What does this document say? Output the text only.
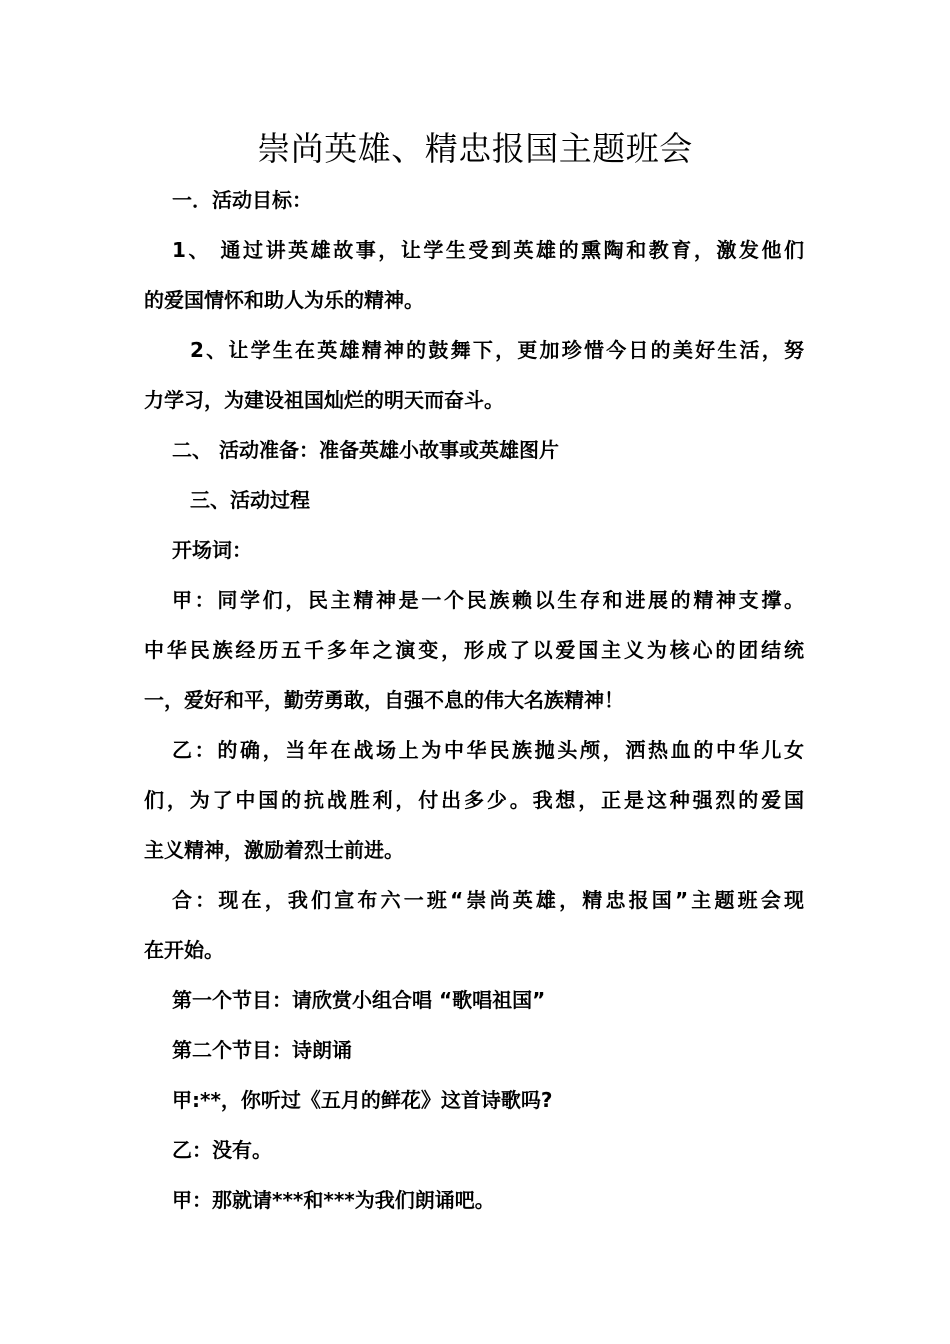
崇尚英雄、精忠报国主题班会
一．活动目标：
1、 通过讲英雄故事，让学生受到英雄的熏陶和教育，激发他们
的爱国情怀和助人为乐的精神。
2、让学生在英雄精神的鼓舞下，更加珍惜今日的美好生活，努
力学习，为建设祖国灿烂的明天而奋斗。
二、 活动准备：准备英雄小故事或英雄图片
三、活动过程
开场词：
甲：同学们，民主精神是一个民族赖以生存和进展的精神支撑。
中华民族经历五千多年之演变，形成了以爱国主义为核心的团结统
一，爱好和平，勤劳勇敢，自强不息的伟大名族精神！
乙：的确，当年在战场上为中华民族抛头颅，洒热血的中华儿女
们，为了中国的抗战胜利，付出多少。我想，正是这种强烈的爱国
主义精神，激励着烈士前进。
合：现在，我们宣布六一班“崇尚英雄，精忠报国”主题班会现
在开始。
第一个节目：请欣赏小组合唱 “歌唱祖国”
第二个节目：诗朗诵
甲:**，你听过《五月的鲜花》这首诗歌吗?
乙：没有。
甲：那就请***和***为我们朗诵吧。
